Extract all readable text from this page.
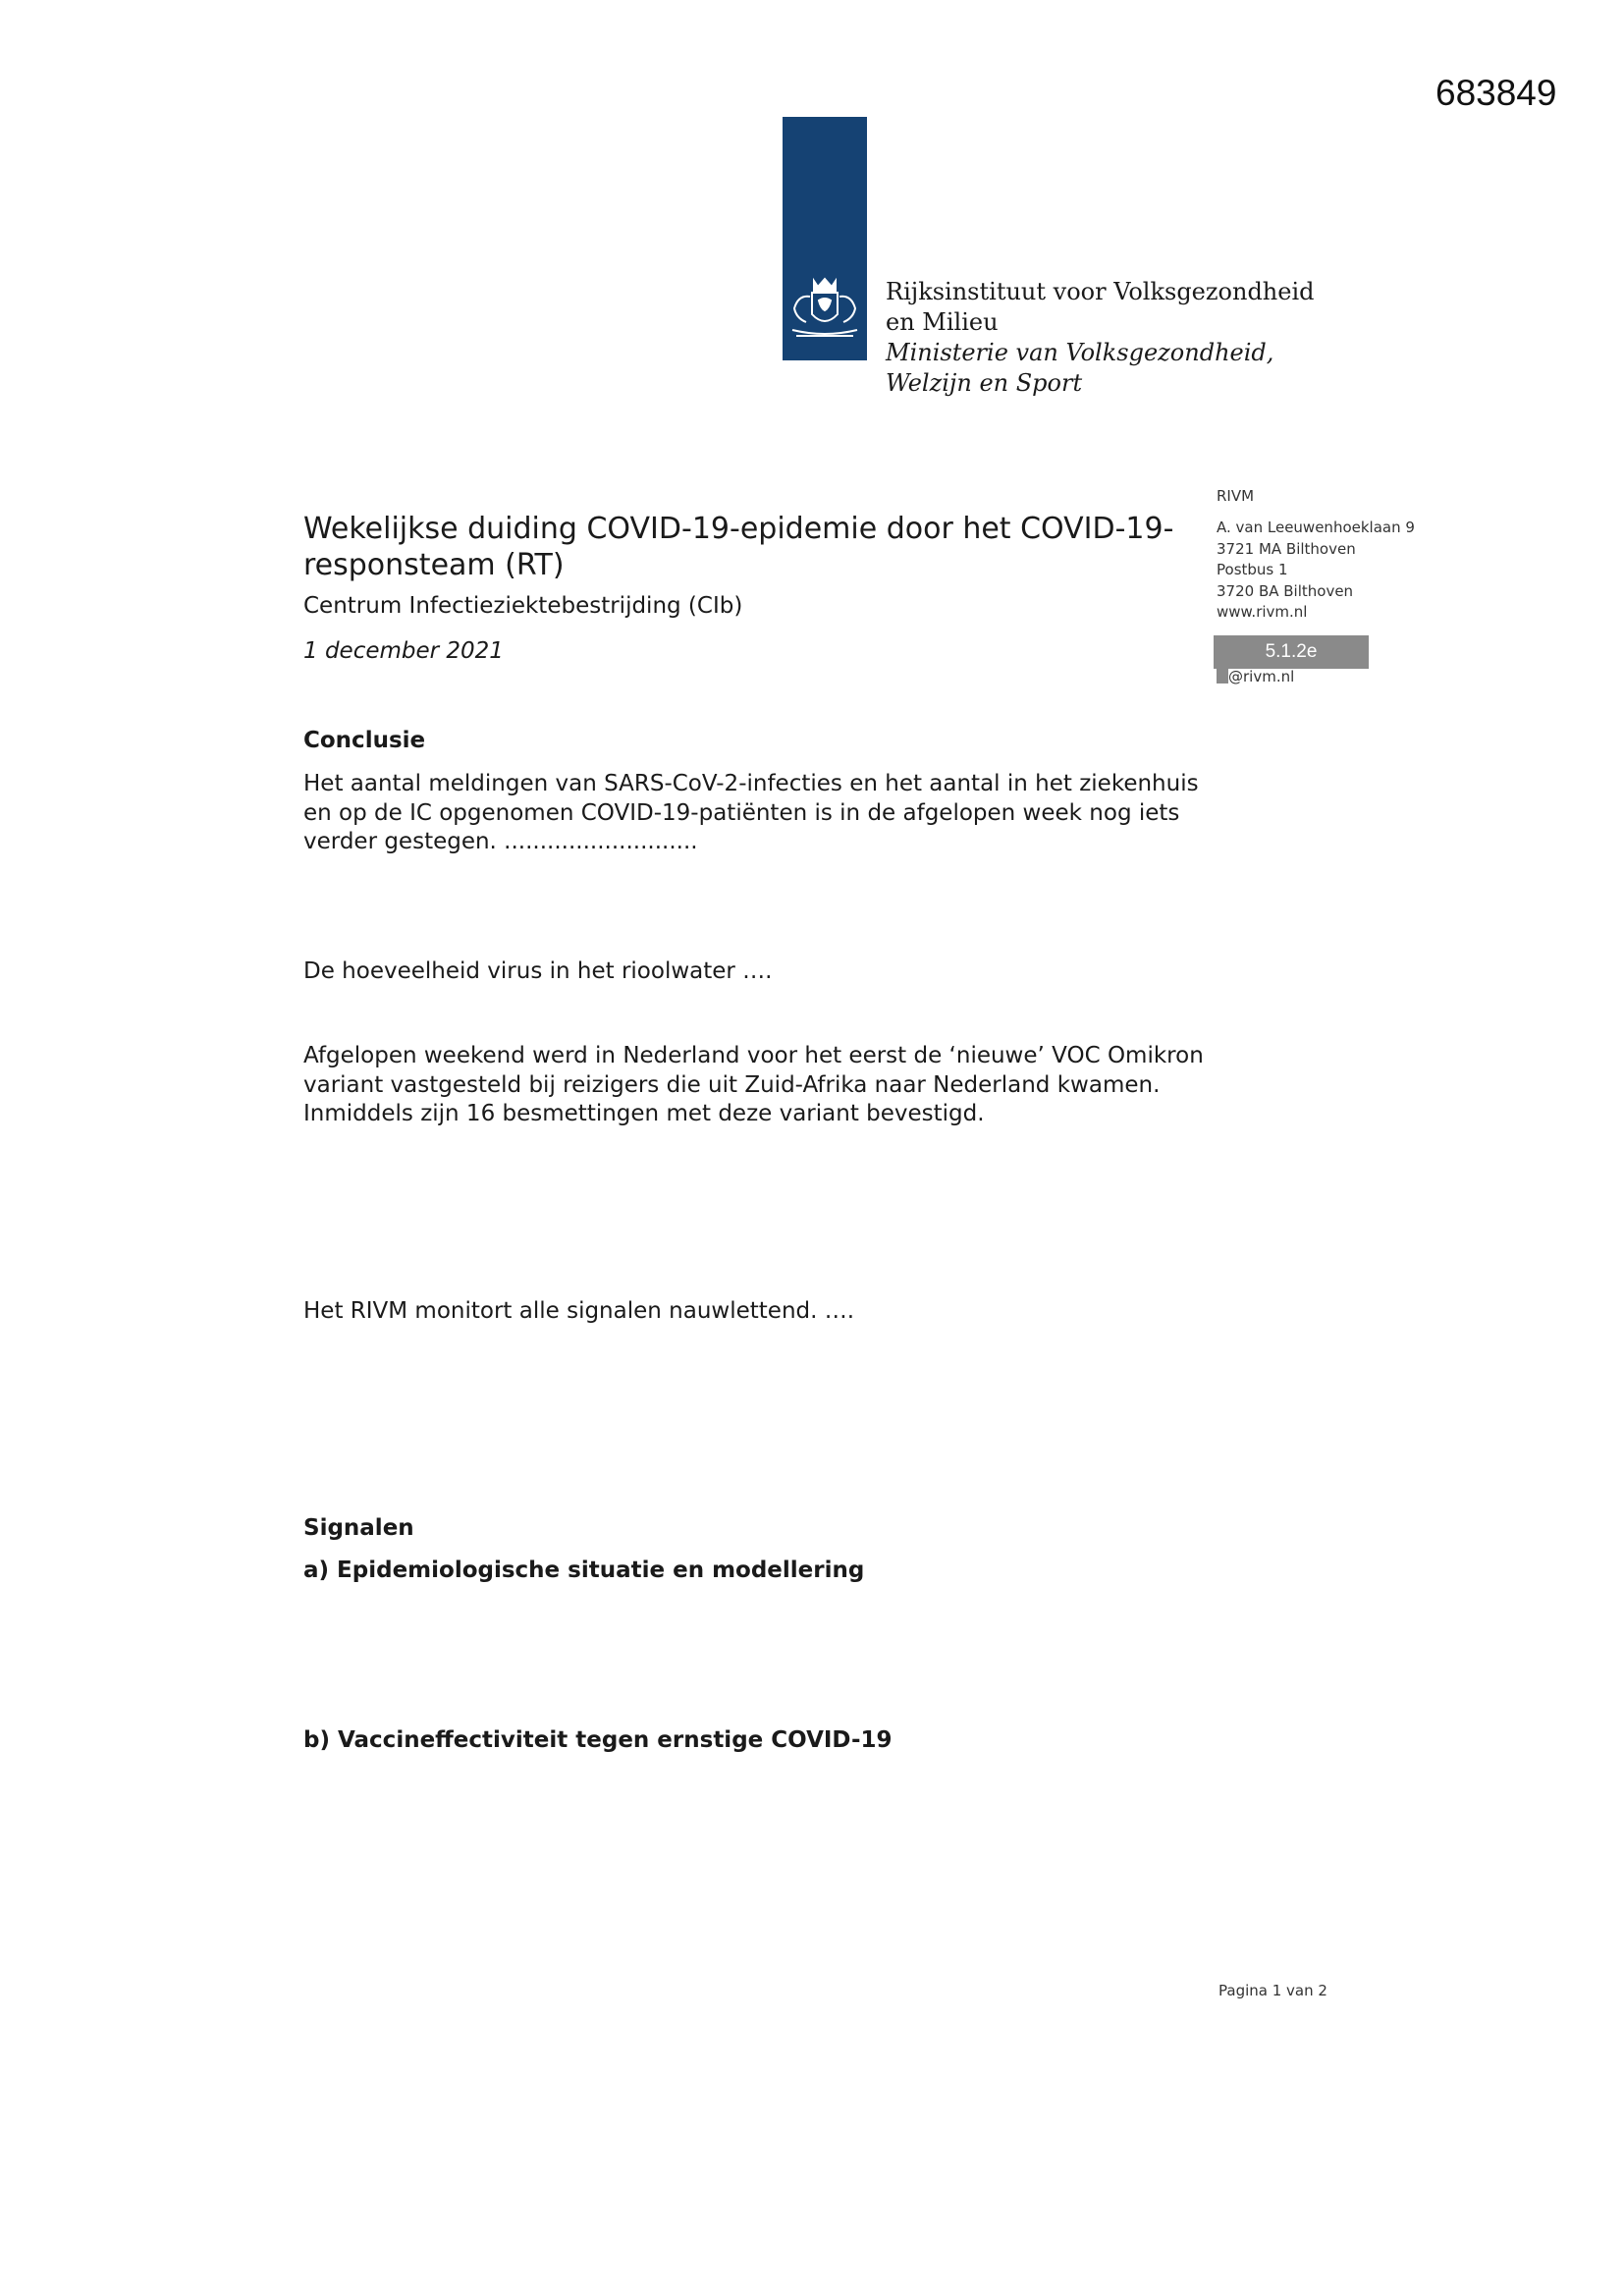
683849
Rijksinstituut voor Volksgezondheid
en Milieu
Ministerie van Volksgezondheid,
Welzijn en Sport
Wekelijkse duiding COVID-19-epidemie door het COVID-19-responsteam (RT)
Centrum Infectieziektebestrijding (CIb)
1 december 2021
RIVM
A. van Leeuwenhoeklaan 9
3721 MA Bilthoven
Postbus 1
3720 BA Bilthoven
www.rivm.nl
5.1.2e
@rivm.nl
Conclusie
Het aantal meldingen van SARS-CoV-2-infecties en het aantal in het ziekenhuis en op de IC opgenomen COVID-19-patiënten is in de afgelopen week nog iets verder gestegen. ...........................
De hoeveelheid virus in het rioolwater ….
Afgelopen weekend werd in Nederland voor het eerst de ‘nieuwe’ VOC Omikron variant vastgesteld bij reizigers die uit Zuid-Afrika naar Nederland kwamen. Inmiddels zijn 16 besmettingen met deze variant bevestigd.
Het RIVM monitort alle signalen nauwlettend. ….
Signalen
a) Epidemiologische situatie en modellering
b) Vaccineffectiviteit tegen ernstige COVID-19
Pagina 1 van 2
